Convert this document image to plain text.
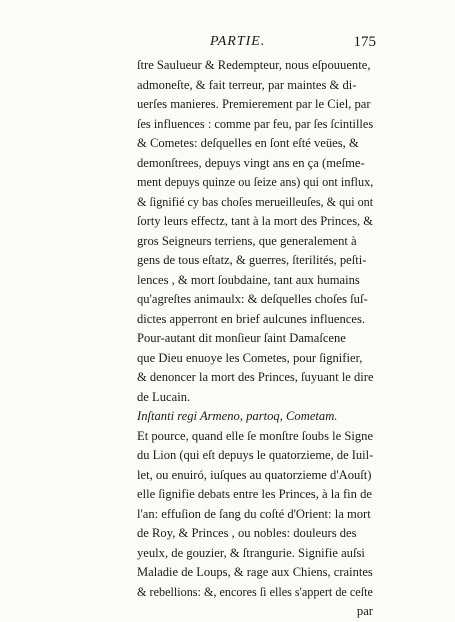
PARTIE.	175
ſtre Saulueur & Redempteur, nous eſpouuente,
admoneſte, & fait terreur, par maintes & di-
uerſes manieres. Premierement par le Ciel, par
ſes influences : comme par feu, par ſes ſcintilles
& Cometes: deſquelles en ſont eſté veües, &
demonſtrees, depuys vingt ans en ça (meſme-
ment depuys quinze ou ſeize ans) qui ont influx,
& ſignifié cy bas choſes merueilleuſes, & qui ont
ſorty leurs effectz, tant à la mort des Princes, &
gros Seigneurs terriens, que generalement à
gens de tous eſtatz, & guerres, ſterilités, peſti-
lences , & mort ſoubdaine, tant aux humains
qu'agreſtes animaulx: & deſquelles choſes ſuſ-
dictes apperront en brief aulcunes influences.
Pour-autant dit monſieur ſaint Damaſcene
que Dieu enuoye les Cometes, pour ſignifier,
& denoncer la mort des Princes, ſuyuant le dire
de Lucain.
Inſtanti regi Armeno, partoq, Cometam.
Et pource, quand elle ſe monſtre ſoubs le Signe
du Lion (qui eſt depuys le quatorzieme, de Iuil-
let, ou enuiró, iuſques au quatorzieme d'Aouſt)
elle ſignifie debats entre les Princes, à la fin de
l'an: effuſion de ſang du coſté d'Orient: la mort
de Roy, & Princes , ou nobles: douleurs des
yeulx, de gouzier, & ſtrangurie. Signifie auſsi
Maladie de Loups, & rage aux Chiens, craintes
& rebellions: &, encores ſi elles s'appert de ceſte
par
